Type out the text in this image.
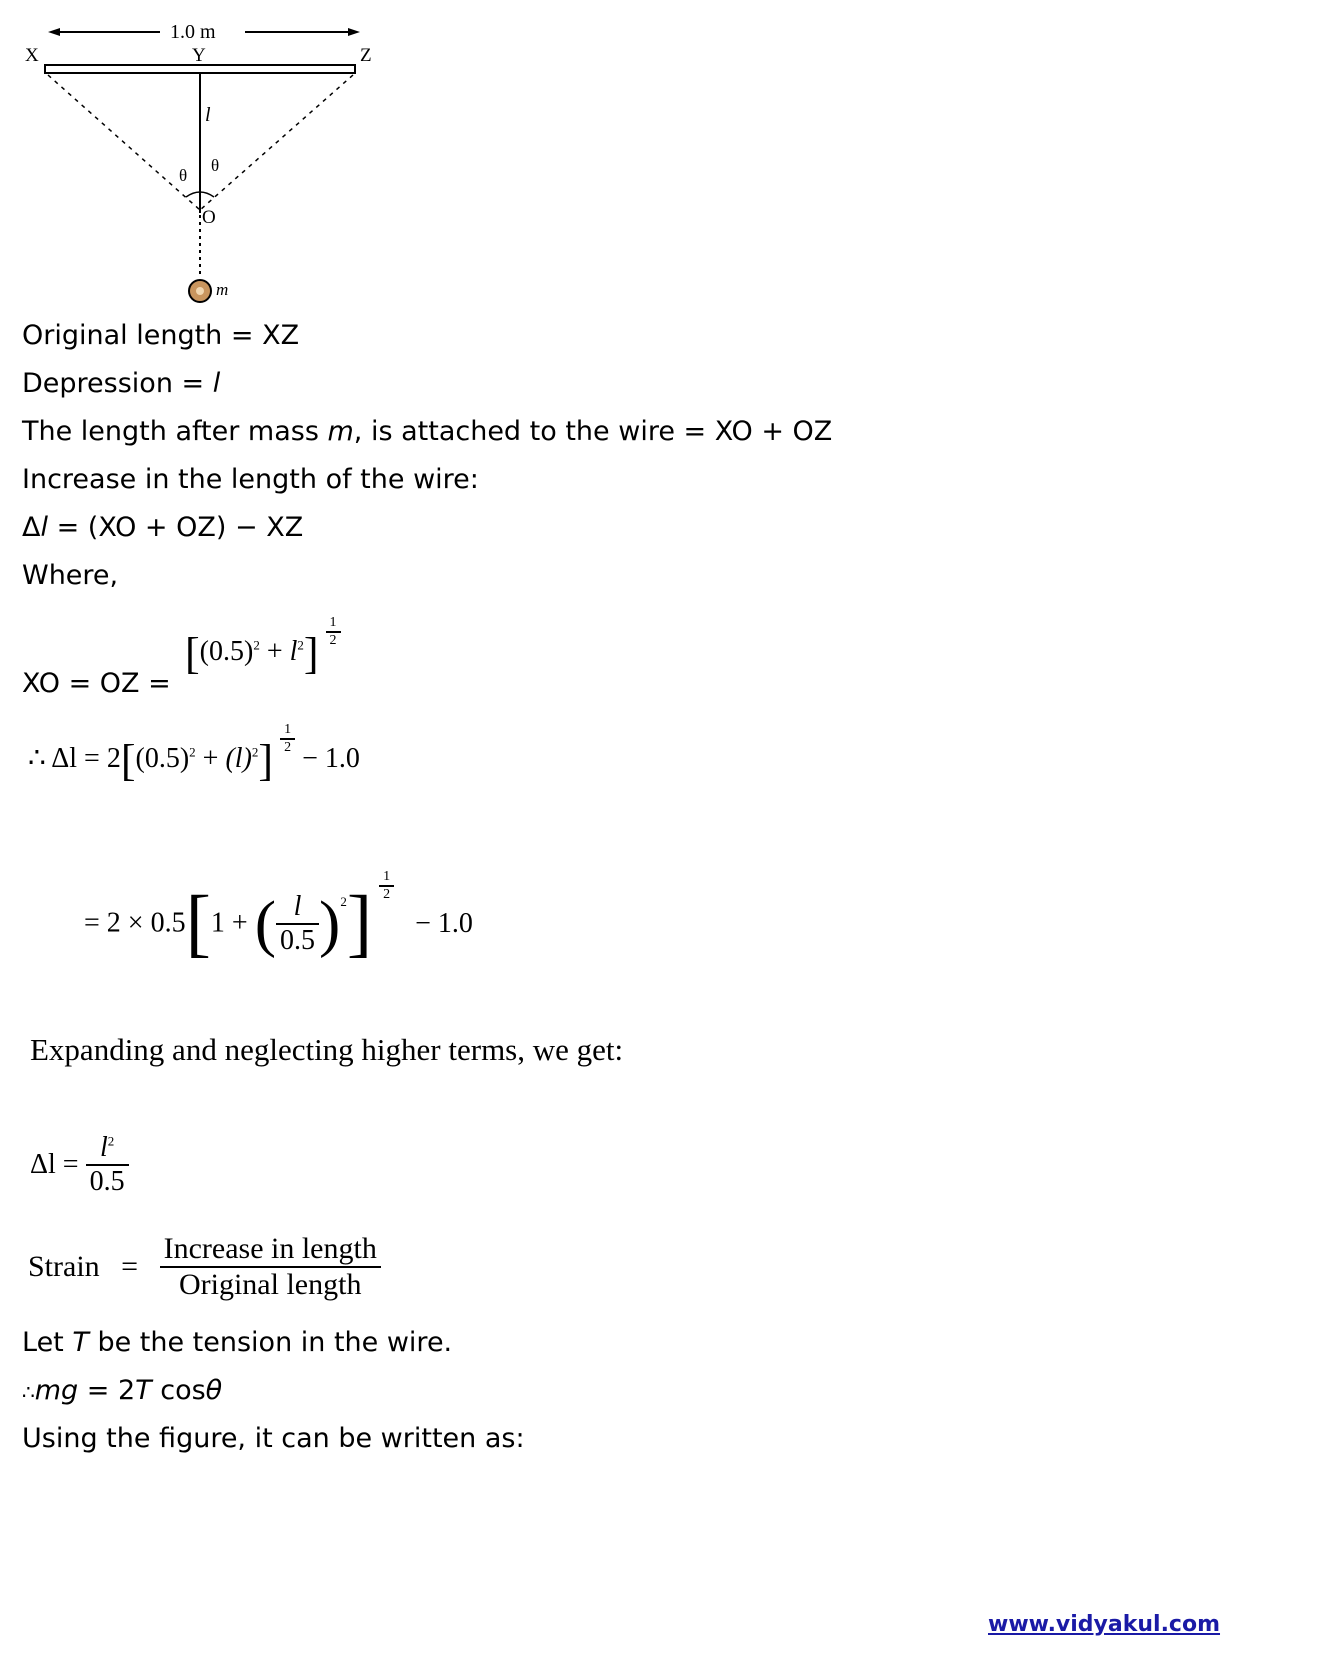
1.0 m
X	Y	Z
l
θ
θ
O
m
Original length = XZ
Depression = l
The length after mass m, is attached to the wire = XO + OZ
Increase in the length of the wire:
Δl = (XO + OZ) − XZ
Where,
XO = OZ =
$[(0.5)^2 + l^2] \frac{1}{2}$
∴ $\Delta l = 2[(0.5)^2 + (l)^2] \frac{1}{2}$
− 1.0
= 2 × 0.5[1 + ( $\frac{l}{0.5} )^2] \frac{1}{2}$
− 1.0
Expanding and neglecting higher terms, we get:
$\Delta l = \frac{l^2}{0.5}$
Strain = $\frac{\text{Increase in length}}{\text{Original length}}$
Let T be the tension in the wire.
∴mg = 2T cosθ
Using the figure, it can be written as:
www.vidyakul.com
